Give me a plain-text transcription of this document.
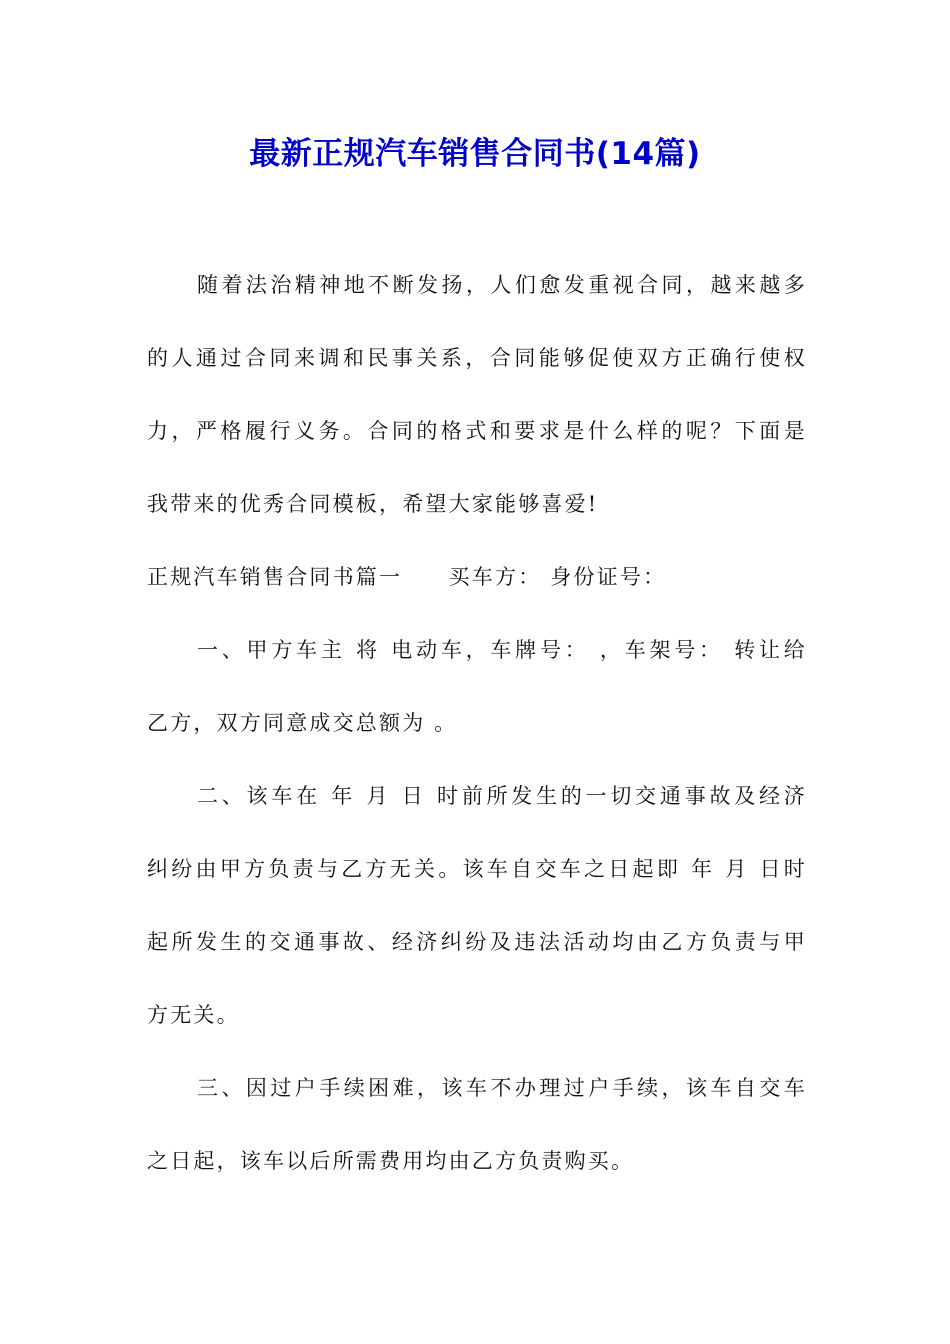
最新正规汽车销售合同书(14篇)
随着法治精神地不断发扬，人们愈发重视合同，越来越多
的人通过合同来调和民事关系，合同能够促使双方正确行使权
力，严格履行义务。合同的格式和要求是什么样的呢？下面是
我带来的优秀合同模板，希望大家能够喜爱!
正规汽车销售合同书篇一　　买车方： 身份证号：
一、甲方车主 将 电动车，车牌号： ，车架号： 转让给
乙方，双方同意成交总额为 。
二、该车在 年 月 日 时前所发生的一切交通事故及经济
纠纷由甲方负责与乙方无关。该车自交车之日起即 年 月 日时
起所发生的交通事故、经济纠纷及违法活动均由乙方负责与甲
方无关。
三、因过户手续困难，该车不办理过户手续，该车自交车
之日起，该车以后所需费用均由乙方负责购买。
